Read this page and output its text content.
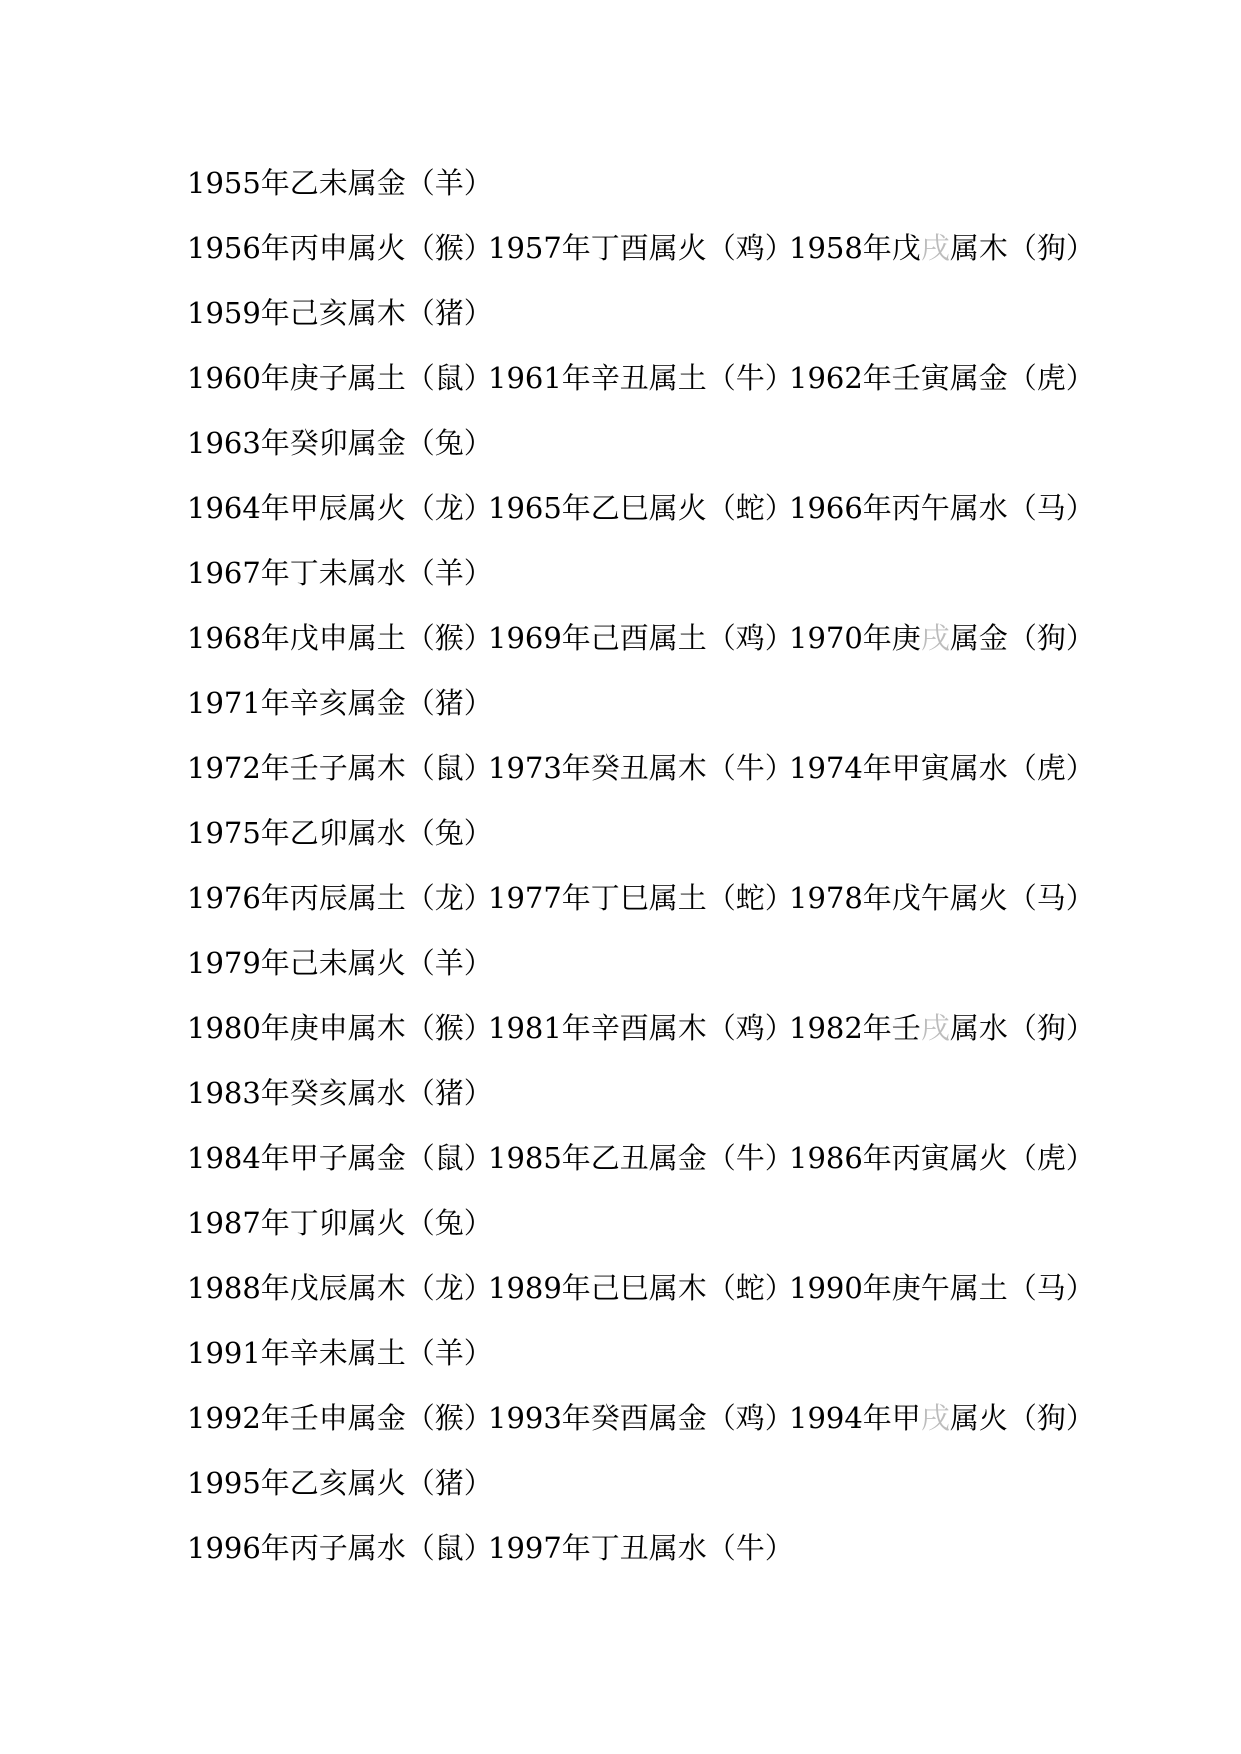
1955年乙未属金（羊）
1956年丙申属火（猴）
1957年丁酉属火（鸡）
1958年戊戌属木（狗）
1959年己亥属木（猪）
1960年庚子属土（鼠）
1961年辛丑属土（牛）
1962年壬寅属金（虎）
1963年癸卯属金（兔）
1964年甲辰属火（龙）
1965年乙巳属火（蛇）
1966年丙午属水（马）
1967年丁未属水（羊）
1968年戊申属土（猴）
1969年己酉属土（鸡）
1970年庚戌属金（狗）
1971年辛亥属金（猪）
1972年壬子属木（鼠）
1973年癸丑属木（牛）
1974年甲寅属水（虎）
1975年乙卯属水（兔）
1976年丙辰属土（龙）
1977年丁巳属土（蛇）
1978年戊午属火（马）
1979年己未属火（羊）
1980年庚申属木（猴）
1981年辛酉属木（鸡）
1982年壬戌属水（狗）
1983年癸亥属水（猪）
1984年甲子属金（鼠）
1985年乙丑属金（牛）
1986年丙寅属火（虎）
1987年丁卯属火（兔）
1988年戊辰属木（龙）
1989年己巳属木（蛇）
1990年庚午属土（马）
1991年辛未属土（羊）
1992年壬申属金（猴）
1993年癸酉属金（鸡）
1994年甲戌属火（狗）
1995年乙亥属火（猪）
1996年丙子属水（鼠）
1997年丁丑属水（牛）
